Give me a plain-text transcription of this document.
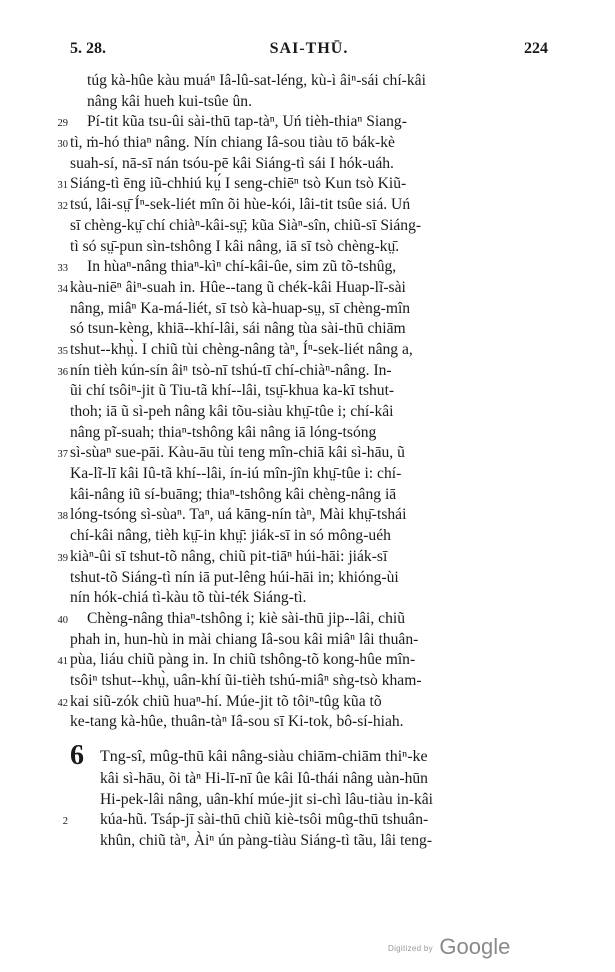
5. 28.	SAI-THŪ.	224
túg kà-hûe kàu muáⁿ Iâ-lû-sat-léng, kù-ì âiⁿ-sái chí-kâi
nâng kâi hueh kui-tsûe ûn.
29 Pí-tit kũa tsu-ûi sài-thū tap-tàⁿ, Uń tièh-thiaⁿ Siang-
30 tì, ṁ-hó thiaⁿ nâng. Nín chiang Iâ-sou tiàu tō bák-kè
suah-sí, nā-sī nán tsóu-pē kâi Siáng-tì sái I hók-uáh.
31 Siáng-tì ēng iũ-chhiú kṳ́ I seng-chiēⁿ tsò Kun tsò Kiũ-
32 tsú, lâi-sṳ̄ Íⁿ-sek-liét mîn õi hùe-kói, lâi-tit tsûe siá. Uń
sī chèng-kṳ̄ chí chiàⁿ-kâi-sṳ̄; kũa Siàⁿ-sîn, chiũ-sī Siáng-
tì só sṳ̄-pun sìn-tshông I kâi nâng, iā sī tsò chèng-kṳ̄.
33 In hùaⁿ-nâng thiaⁿ-kìⁿ chí-kâi-ûe, sim zũ tõ-tshûg,
34 kàu-niēⁿ âiⁿ-suah in. Hûe--tang ũ chék-kâi Huap-lĩ-sài
nâng, miâⁿ Ka-má-liét, sī tsò kà-huap-sṳ, sī chèng-mîn
só tsun-kèng, khiā--khí-lâi, sái nâng tùa sài-thū chiām
35 tshut--khṳ̀. I chiũ tùi chèng-nâng tàⁿ, Íⁿ-sek-liét nâng a,
36 nín tièh kún-sín âiⁿ tsò-nī tshú-tī chí-chiàⁿ-nâng. In-
ũi chí tsôiⁿ-jit ũ Tiu-tã khí--lâi, tsṳ̄-khua ka-kī tshut-
thoh; iā ũ sì-peh nâng kâi tõu-siàu khṳ̄-tûe i; chí-kâi
nâng pĩ-suah; thiaⁿ-tshông kâi nâng iā lóng-tsóng
37 sì-sùaⁿ sue-pāi. Kàu-āu tùi teng mîn-chiā kâi sì-hāu, ũ
Ka-lĩ-lī kâi Iû-tã khí--lâi, ín-iú mîn-jîn khṳ̄-tûe i: chí-
kâi-nâng iũ sí-buāng; thiaⁿ-tshông kâi chèng-nâng iā
38 lóng-tsóng sì-sùaⁿ. Taⁿ, uá kāng-nín tàⁿ, Mài khṳ̄-tshái
chí-kâi nâng, tièh kṳ̄-in khṳ̄: jiák-sī in só mông-uéh
39 kiàⁿ-ûi sī tshut-tõ nâng, chiũ pit-tiāⁿ húi-hāi: jiák-sī
tshut-tõ Siáng-tì nín iā put-lêng húi-hāi in; khióng-ùi
nín hók-chiá tì-kàu tõ tùi-ték Siáng-tì.
40 Chèng-nâng thiaⁿ-tshông i; kiè sài-thū jip--lâi, chiũ
phah in, hun-hù in mài chiang Iâ-sou kâi miâⁿ lâi thuân-
41 pùa, liáu chiũ pàng in. In chiũ tshông-tõ kong-hûe mîn-
tsôiⁿ tshut--khṳ̀, uân-khí ũi-tièh tshú-miâⁿ sǹg-tsò kham-
42 kai siũ-zók chiũ huaⁿ-hí. Múe-jit tõ tôiⁿ-tûg kũa tõ
ke-tang kà-hûe, thuân-tàⁿ Iâ-sou sī Ki-tok, bô-sí-hiah.
6 Tng-sî, mûg-thū kâi nâng-siàu chiām-chiām thiⁿ-ke
kâi sì-hāu, õi tàⁿ Hi-lī-nī ûe kâi Iû-thái nâng uàn-hūn
Hi-pek-lâi nâng, uân-khí múe-jit si-chì lâu-tiàu in-kâi
2 kúa-hũ. Tsáp-jī sài-thū chiũ kiè-tsôi mûg-thū tshuân-
khûn, chiũ tàⁿ, Àiⁿ ún pàng-tiàu Siáng-tì tãu, lâi teng-
Digitized by Google
